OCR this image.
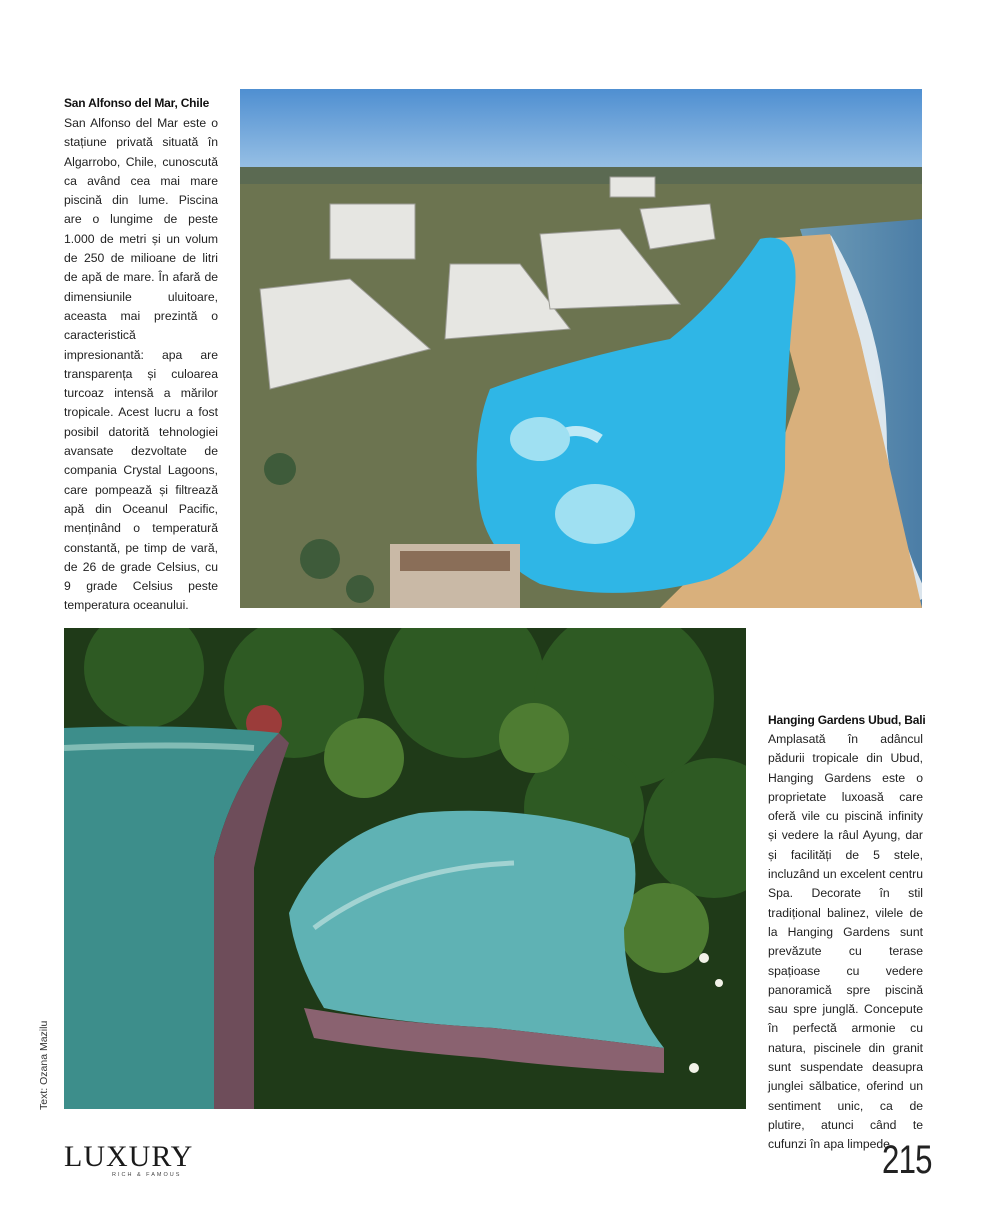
San Alfonso del Mar, Chile
San Alfonso del Mar este o stațiune privată situată în Algarrobo, Chile, cunoscută ca având cea mai mare piscină din lume. Piscina are o lungime de peste 1.000 de metri și un volum de 250 de milioane de litri de apă de mare. În afară de dimensiunile uluitoare, aceasta mai prezintă o caracteristică impresionantă: apa are transparența și culoarea turcoaz intensă a mărilor tropicale. Acest lucru a fost posibil datorită tehnologiei avansate dezvoltate de compania Crystal Lagoons, care pompează și filtrează apă din Oceanul Pacific, menținând o temperatură constantă, pe timp de vară, de 26 de grade Celsius, cu 9 grade Celsius peste temperatura oceanului.
Hanging Gardens Ubud, Bali
Amplasată în adâncul pădurii tropicale din Ubud, Hanging Gardens este o proprietate luxoasă care oferă vile cu piscină infinity și vedere la râul Ayung, dar și facilități de 5 stele, incluzând un excelent centru Spa. Decorate în stil tradițional balinez, vilele de la Hanging Gardens sunt prevăzute cu terase spațioase cu vedere panoramică spre piscină sau spre junglă. Concepute în perfectă armonie cu natura, piscinele din granit sunt suspendate deasupra junglei sălbatice, oferind un sentiment unic, ca de plutire, atunci când te cufunzi în apa limpede.
Text: Ozana Mazilu
LUXURY
RICH & FAMOUS	215
